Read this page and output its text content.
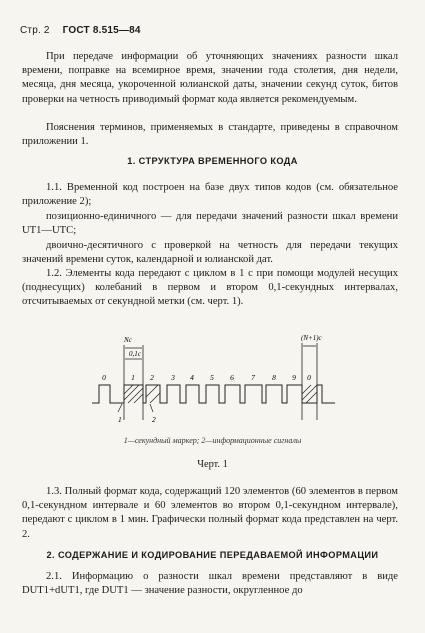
Стр. 2 ГОСТ 8.515—84

При передаче информации об уточняющих значениях разности шкал времени, поправке на всемирное время, значении года столетия, дня недели, месяца, дня месяца, укороченной юлианской даты, значении секунд суток, битов проверки на четность приводимый формат кода является рекомендуемым.

Пояснения терминов, применяемых в стандарте, приведены в справочном приложении 1.

1. СТРУКТУРА ВРЕМЕННОГО КОДА

1.1. Временной код построен на базе двух типов кодов (см. обязательное приложение 2);

позиционно-единичного — для передачи значений разности шкал времени UT1—UTC;

двоично-десятичного с проверкой на четность для передачи текущих значений времени суток, календарной и юлианской дат.

1.2. Элементы кода передают с циклом в 1 с при помощи модулей несущих (поднесущих) колебаний в первом и втором 0,1-секундных интервалах, отсчитываемых от секундной метки (см. черт. 1).

Nc
0,1c
(N+1)c
0	1 2 3 4 5 6 7 8 9 0
1	2
1—секундный маркер; 2—информационные сигналы
Черт. 1

1.3. Полный формат кода, содержащий 120 элементов (60 элементов в первом 0,1-секундном интервале и 60 элементов во втором 0,1-секундном интервале), передают с циклом в 1 мин. Графически полный формат кода представлен на черт. 2.

2. СОДЕРЖАНИЕ И КОДИРОВАНИЕ ПЕРЕДАВАЕМОЙ ИНФОРМАЦИИ

2.1. Информацию о разности шкал времени представляют в виде DUT1+dUT1, где DUT1 — значение разности, округленное до
